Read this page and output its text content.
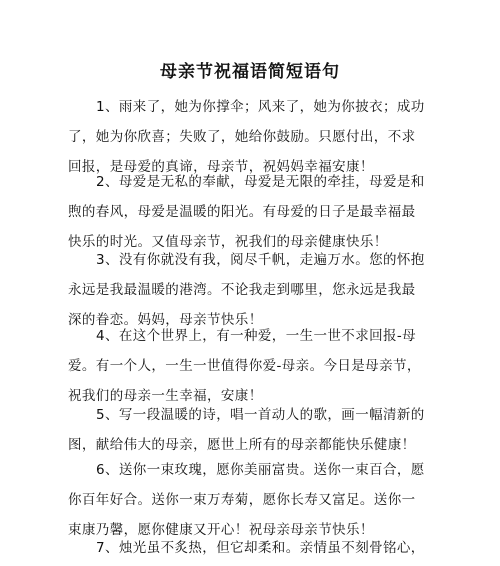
母亲节祝福语简短语句
1、雨来了，她为你撑伞；风来了，她为你披衣；成功
了，她为你欣喜；失败了，她给你鼓励。只愿付出，不求
回报，是母爱的真谛，母亲节，祝妈妈幸福安康！
2、母爱是无私的奉献，母爱是无限的牵挂，母爱是和
煦的春风，母爱是温暖的阳光。有母爱的日子是最幸福最
快乐的时光。又值母亲节，祝我们的母亲健康快乐！
3、没有你就没有我，阅尽千帆，走遍万水。您的怀抱
永远是我最温暖的港湾。不论我走到哪里，您永远是我最
深的眷恋。妈妈，母亲节快乐！
4、在这个世界上，有一种爱，一生一世不求回报-母
爱。有一个人，一生一世值得你爱-母亲。今日是母亲节，
祝我们的母亲一生幸福，安康！
5、写一段温暖的诗，唱一首动人的歌，画一幅清新的
图，献给伟大的母亲，愿世上所有的母亲都能快乐健康！
6、送你一束玫瑰，愿你美丽富贵。送你一束百合，愿
你百年好合。送你一束万寿菊，愿你长寿又富足。送你一
束康乃馨，愿你健康又开心！祝母亲母亲节快乐！
7、烛光虽不炙热，但它却柔和。亲情虽不刻骨铭心，
